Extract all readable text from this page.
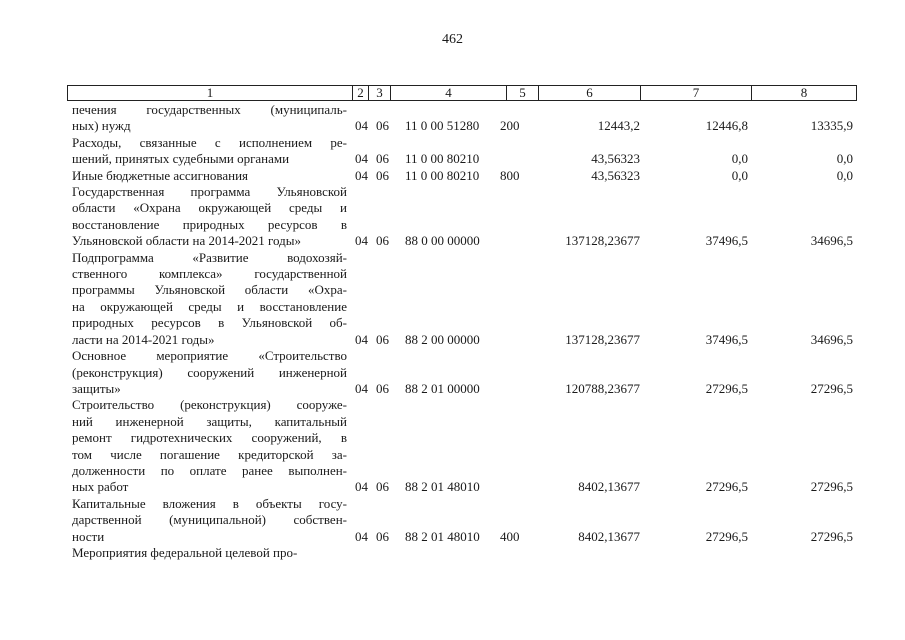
462
1	2 3	4	5	6	7	8
печения государственных (муниципаль-
ных) нужд	04 06 11 0 00 51280 200	12443,2	12446,8	13335,9
Расходы, связанные с исполнением ре-
шений, принятых судебными органами	04 06 11 0 00 80210	43,56323	0,0	0,0
Иные бюджетные ассигнования	04 06 11 0 00 80210 800	43,56323	0,0	0,0
Государственная программа Ульяновской
области «Охрана окружающей среды и
восстановление природных ресурсов в
Ульяновской области на 2014-2021 годы»	04 06 88 0 00 00000	137128,23677	37496,5	34696,5
Подпрограмма «Развитие водохозяй-
ственного комплекса» государственной
программы Ульяновской области «Охра-
на окружающей среды и восстановление
природных ресурсов в Ульяновской об-
ласти на 2014-2021 годы»	04 06 88 2 00 00000	137128,23677	37496,5	34696,5
Основное мероприятие «Строительство
(реконструкция) сооружений инженерной
защиты»	04 06 88 2 01 00000	120788,23677	27296,5	27296,5
Строительство (реконструкция) сооруже-
ний инженерной защиты, капитальный
ремонт гидротехнических сооружений, в
том числе погашение кредиторской за-
долженности по оплате ранее выполнен-
ных работ	04 06 88 2 01 48010	8402,13677	27296,5	27296,5
Капитальные вложения в объекты госу-
дарственной (муниципальной) собствен-
ности	04 06 88 2 01 48010 400	8402,13677	27296,5	27296,5
Мероприятия федеральной целевой про-
